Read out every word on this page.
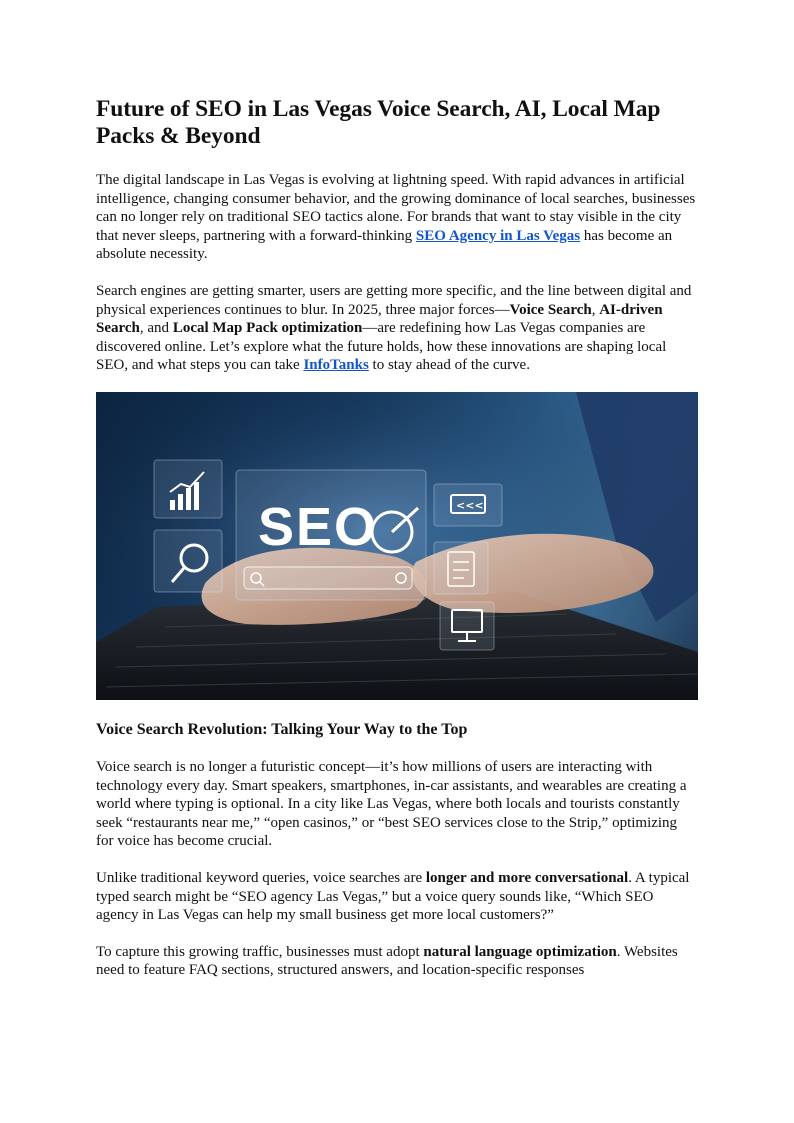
Future of SEO in Las Vegas Voice Search, AI, Local Map Packs & Beyond

The digital landscape in Las Vegas is evolving at lightning speed. With rapid advances in artificial intelligence, changing consumer behavior, and the growing dominance of local searches, businesses can no longer rely on traditional SEO tactics alone. For brands that want to stay visible in the city that never sleeps, partnering with a forward-thinking SEO Agency in Las Vegas has become an absolute necessity.

Search engines are getting smarter, users are getting more specific, and the line between digital and physical experiences continues to blur. In 2025, three major forces—Voice Search, AI-driven Search, and Local Map Pack optimization—are redefining how Las Vegas companies are discovered online. Let’s explore what the future holds, how these innovations are shaping local SEO, and what steps you can take InfoTanks to stay ahead of the curve.

SEO	<<<
Voice Search Revolution: Talking Your Way to the Top

Voice search is no longer a futuristic concept—it’s how millions of users are interacting with technology every day. Smart speakers, smartphones, in-car assistants, and wearables are creating a world where typing is optional. In a city like Las Vegas, where both locals and tourists constantly seek “restaurants near me,” “open casinos,” or “best SEO services close to the Strip,” optimizing for voice has become crucial.

Unlike traditional keyword queries, voice searches are longer and more conversational. A typical typed search might be “SEO agency Las Vegas,” but a voice query sounds like, “Which SEO agency in Las Vegas can help my small business get more local customers?”

To capture this growing traffic, businesses must adopt natural language optimization. Websites need to feature FAQ sections, structured answers, and location-specific responses
